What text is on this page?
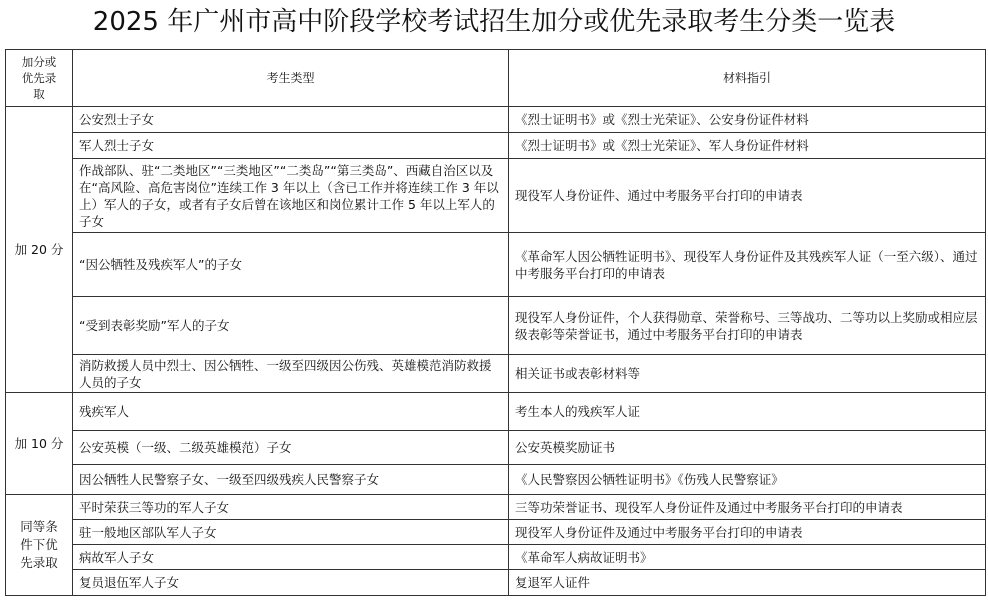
2025 年广州市高中阶段学校考试招生加分或优先录取考生分类一览表
加分或优先录取	考生类型	材料指引
加 20 分	公安烈士子女	《烈士证明书》或《烈士光荣证》、公安身份证件材料
	军人烈士子女	《烈士证明书》或《烈士光荣证》、军人身份证件材料
	作战部队、驻“二类地区”“三类地区”“二类岛”“第三类岛”、西藏自治区以及在“高风险、高危害岗位”连续工作 3 年以上（含已工作并将连续工作 3 年以上）军人的子女，或者有子女后曾在该地区和岗位累计工作 5 年以上军人的子女	现役军人身份证件、通过中考服务平台打印的申请表
	“因公牺牲及残疾军人”的子女	《革命军人因公牺牲证明书》、现役军人身份证件及其残疾军人证（一至六级）、通过中考服务平台打印的申请表
	“受到表彰奖励”军人的子女	现役军人身份证件，个人获得勋章、荣誉称号、三等战功、二等功以上奖励或相应层级表彰等荣誉证书，通过中考服务平台打印的申请表
	消防救援人员中烈士、因公牺牲、一级至四级因公伤残、英雄模范消防救援人员的子女	相关证书或表彰材料等
加 10 分	残疾军人	考生本人的残疾军人证
	公安英模（一级、二级英雄模范）子女	公安英模奖励证书
	因公牺牲人民警察子女、一级至四级残疾人民警察子女	《人民警察因公牺牲证明书》《伤残人民警察证》

同等条件下优先录取	平时荣获三等功的军人子女	三等功荣誉证书、现役军人身份证件及通过中考服务平台打印的申请表
	驻一般地区部队军人子女	现役军人身份证件及通过中考服务平台打印的申请表
	病故军人子女	《革命军人病故证明书》
	复员退伍军人子女	复退军人证件
